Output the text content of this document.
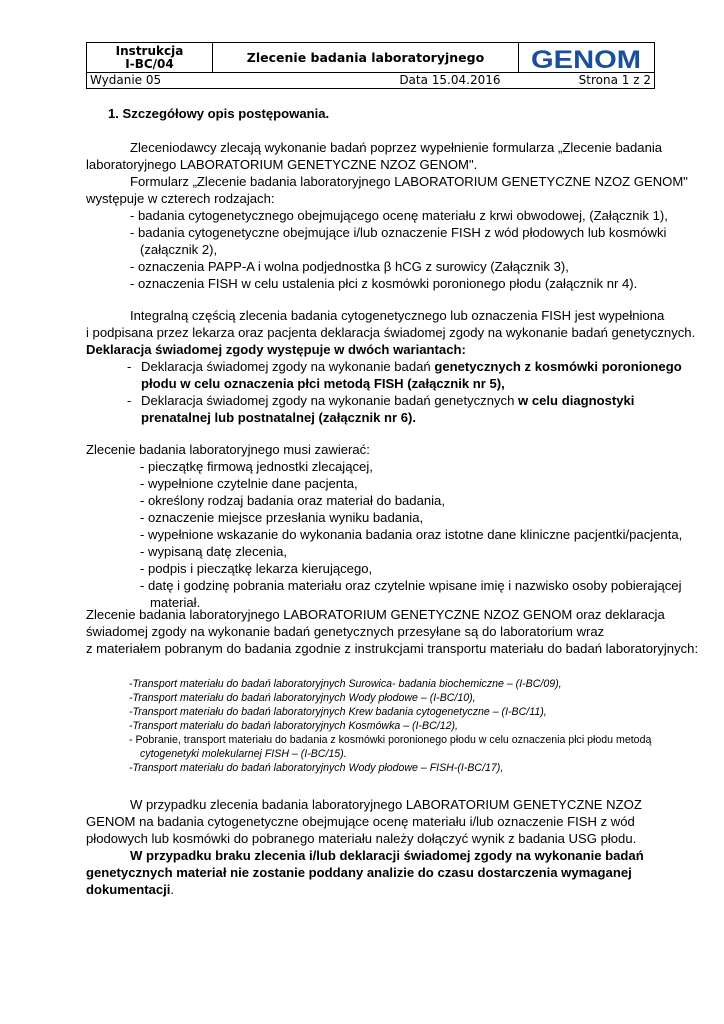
Instrukcja
I-BC/04	Zlecenie badania laboratoryjnego	GENOM

Wydanie 05	Data 15.04.2016	Strona 1 z 2
1. Szczegółowy opis postępowania.
Zleceniodawcy zlecają wykonanie badań poprzez wypełnienie formularza „Zlecenie badania
laboratoryjnego LABORATORIUM GENETYCZNE NZOZ GENOM".
Formularz „Zlecenie badania laboratoryjnego LABORATORIUM GENETYCZNE NZOZ GENOM"
występuje w czterech rodzajach:
- badania cytogenetycznego obejmującego ocenę materiału z krwi obwodowej, (Załącznik 1),
- badania cytogenetyczne obejmujące i/lub oznaczenie FISH z wód płodowych lub kosmówki
(załącznik 2),
- oznaczenia PAPP-A i wolna podjednostka β hCG z surowicy (Załącznik 3),
- oznaczenia FISH w celu ustalenia płci z kosmówki poronionego płodu (załącznik nr 4).
Integralną częścią zlecenia badania cytogenetycznego lub oznaczenia FISH jest wypełniona
i podpisana przez lekarza oraz pacjenta deklaracja świadomej zgody na wykonanie badań genetycznych.
Deklaracja świadomej zgody występuje w dwóch wariantach:
- Deklaracja świadomej zgody na wykonanie badań genetycznych z kosmówki poronionego
płodu w celu oznaczenia płci metodą FISH (załącznik nr 5),
- Deklaracja świadomej zgody na wykonanie badań genetycznych w celu diagnostyki
prenatalnej lub postnatalnej (załącznik nr 6).
Zlecenie badania laboratoryjnego musi zawierać:
- pieczątkę firmową jednostki zlecającej,
- wypełnione czytelnie dane pacjenta,
- określony rodzaj badania oraz materiał do badania,
- oznaczenie miejsce przesłania wyniku badania,
- wypełnione wskazanie do wykonania badania oraz istotne dane kliniczne pacjentki/pacjenta,
- wypisaną datę zlecenia,
- podpis i pieczątkę lekarza kierującego,
- datę i godzinę pobrania materiału oraz czytelnie wpisane imię i nazwisko osoby pobierającej
materiał.
Zlecenie badania laboratoryjnego LABORATORIUM GENETYCZNE NZOZ GENOM oraz deklaracja
świadomej zgody na wykonanie badań genetycznych przesyłane są do laboratorium wraz
z materiałem pobranym do badania zgodnie z instrukcjami transportu materiału do badań laboratoryjnych:
-Transport materiału do badań laboratoryjnych Surowica- badania biochemiczne – (I-BC/09),
-Transport materiału do badań laboratoryjnych Wody płodowe – (I-BC/10),
-Transport materiału do badań laboratoryjnych Krew badania cytogenetyczne – (I-BC/11),
-Transport materiału do badań laboratoryjnych Kosmówka – (I-BC/12),
- Pobranie, transport materiału do badania z kosmówki poronionego płodu w celu oznaczenia płci płodu metodą
cytogenetyki molekularnej FISH – (I-BC/15).
-Transport materiału do badań laboratoryjnych Wody płodowe – FISH-(I-BC/17),
W przypadku zlecenia badania laboratoryjnego LABORATORIUM GENETYCZNE NZOZ
GENOM na badania cytogenetyczne obejmujące ocenę materiału i/lub oznaczenie FISH z wód
płodowych lub kosmówki do pobranego materiału należy dołączyć wynik z badania USG płodu.
W przypadku braku zlecenia i/lub deklaracji świadomej zgody na wykonanie badań
genetycznych materiał nie zostanie poddany analizie do czasu dostarczenia wymaganej
dokumentacji.
